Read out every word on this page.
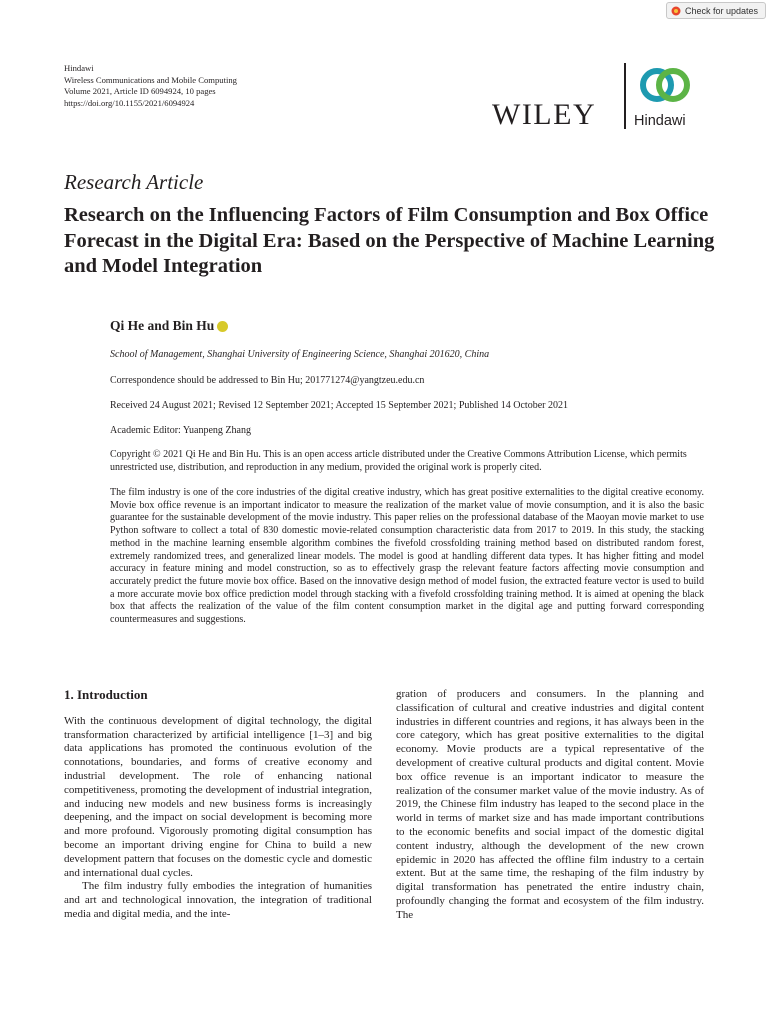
Check for updates
Hindawi
Wireless Communications and Mobile Computing
Volume 2021, Article ID 6094924, 10 pages
https://doi.org/10.1155/2021/6094924	WILEY	Hindawi
Research Article
Research on the Influencing Factors of Film Consumption and Box Office Forecast in the Digital Era: Based on the Perspective of Machine Learning and Model Integration
Qi He and Bin Hu
School of Management, Shanghai University of Engineering Science, Shanghai 201620, China
Correspondence should be addressed to Bin Hu; 201771274@yangtzeu.edu.cn
Received 24 August 2021; Revised 12 September 2021; Accepted 15 September 2021; Published 14 October 2021
Academic Editor: Yuanpeng Zhang
Copyright © 2021 Qi He and Bin Hu. This is an open access article distributed under the Creative Commons Attribution License, which permits unrestricted use, distribution, and reproduction in any medium, provided the original work is properly cited.

The film industry is one of the core industries of the digital creative industry, which has great positive externalities to the digital creative economy. Movie box office revenue is an important indicator to measure the realization of the market value of movie consumption, and it is also the basic guarantee for the sustainable development of the movie industry. This paper relies on the professional database of the Maoyan movie market to use Python software to collect a total of 830 domestic movie-related consumption characteristic data from 2017 to 2019. In this study, the stacking method in the machine learning ensemble algorithm combines the fivefold crossfolding training method based on distributed random forest, extremely randomized trees, and generalized linear models. The model is good at handling different data types. It has higher fitting and model accuracy in feature mining and model construction, so as to effectively grasp the relevant feature factors affecting movie consumption and accurately predict the future movie box office. Based on the innovative design method of model fusion, the extracted feature vector is used to build a more accurate movie box office prediction model through stacking with a fivefold crossfolding training method. It is aimed at opening the black box that affects the realization of the value of the film content consumption market in the digital age and putting forward corresponding countermeasures and suggestions.

1. Introduction

With the continuous development of digital technology, the digital transformation characterized by artificial intelligence [1–3] and big data applications has promoted the continuous evolution of the connotations, boundaries, and forms of creative economy and industrial development. The role of enhancing national competitiveness, promoting the development of industrial integration, and inducing new models and new business forms is increasingly deepening, and the impact on social development is becoming more and more profound. Vigorously promoting digital consumption has become an important driving engine for China to build a new development pattern that focuses on the domestic cycle and domestic and international dual cycles.

The film industry fully embodies the integration of humanities and art and technological innovation, the integration of traditional media and digital media, and the inte-

gration of producers and consumers. In the planning and classification of cultural and creative industries and digital content industries in different countries and regions, it has always been in the core category, which has great positive externalities to the digital economy. Movie products are a typical representative of the development of creative cultural products and digital content. Movie box office revenue is an important indicator to measure the realization of the consumer market value of the movie industry. As of 2019, the Chinese film industry has leaped to the second place in the world in terms of market size and has made important contributions to the economic benefits and social impact of the domestic digital content industry, although the development of the new crown epidemic in 2020 has affected the offline film industry to a certain extent. But at the same time, the reshaping of the film industry by digital transformation has penetrated the entire industry chain, profoundly changing the format and ecosystem of the film industry. The
